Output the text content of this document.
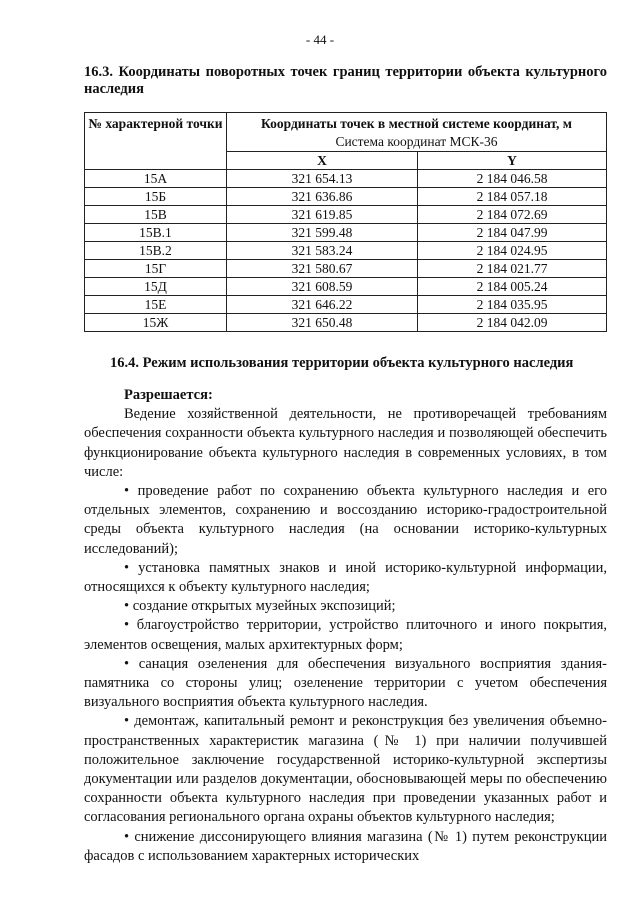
- 44 -
16.3. Координаты поворотных точек границ территории объекта культурного наследия
№ характерной точки	Координаты точек в местной системе координат, м
Система координат МСК-36	

	X	Y
15А	321 654.13	2 184 046.58
15Б	321 636.86	2 184 057.18
15В	321 619.85	2 184 072.69
15В.1	321 599.48	2 184 047.99
15В.2	321 583.24	2 184 024.95
15Г	321 580.67	2 184 021.77
15Д	321 608.59	2 184 005.24
15Е	321 646.22	2 184 035.95
15Ж	321 650.48	2 184 042.09
16.4. Режим использования территории объекта культурного наследия

Разрешается:

Ведение хозяйственной деятельности, не противоречащей требованиям обеспечения сохранности объекта культурного наследия и позволяющей обеспечить функционирование объекта культурного наследия в современных условиях, в том числе:

• проведение работ по сохранению объекта культурного наследия и его отдельных элементов, сохранению и воссозданию историко-градостроительной среды объекта культурного наследия (на основании историко-культурных исследований);

• установка памятных знаков и иной историко-культурной информации, относящихся к объекту культурного наследия;

• создание открытых музейных экспозиций;

• благоустройство территории, устройство плиточного и иного покрытия, элементов освещения, малых архитектурных форм;

• санация озеленения для обеспечения визуального восприятия здания-памятника со стороны улиц; озеленение территории с учетом обеспечения визуального восприятия объекта культурного наследия.

• демонтаж, капитальный ремонт и реконструкция без увеличения объемно-пространственных характеристик магазина (№ 1) при наличии получившей положительное заключение государственной историко-культурной экспертизы документации или разделов документации, обосновывающей меры по обеспечению сохранности объекта культурного наследия при проведении указанных работ и согласования регионального органа охраны объектов культурного наследия;

• снижение диссонирующего влияния магазина (№ 1) путем реконструкции фасадов с использованием характерных исторических
